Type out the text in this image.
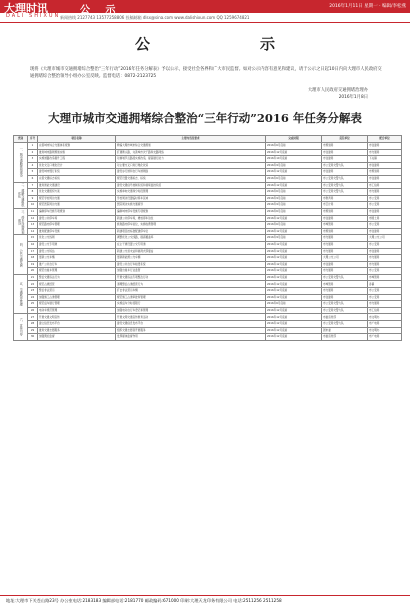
大理时讯
DALI SHIXUN 公 示	2016年1月11日 星期一 · 编辑/李松燕
新闻热线 2127743 13577258806 投稿邮箱 dlsx@sina.com www.dalishixun.com QQ 1259674821
公示
现将《大理市城市交通拥堵综合整治“三年行动”2016年任务分解表》予以公示，接受社会各界和广大市民监督。如对公示内容有意见和建议，请于公示之日起10日内向大理市人民政府交通拥堵综合整治领导小组办公室反映。监督电话：0872-2123725
大理市人民政府交通拥堵治理办
2016年1月8日
大理市城市交通拥堵综合整治“三年行动”2016 年任务分解表
类别	序号	项目名称	主要内容及要求	完成时限	责任单位	配合单位
一、城市道路规划建设	1	完善城市综合交通体系规划	修编大理市城市综合交通规划	2016年6月底前	市规划局	市住建局
	2	推进城市路网规划实施	打通断头路，完善城市次干路和支路网络	2016年12月底前	市住建局	市交通局
	3	实施道路改造提升工程	对拥堵节点路段实施改造，提高通行能力	2016年10月底前	市住建局	下关镇
	4	优化交叉口渠化设计	对主要交叉口进行渠化改造	2016年9月底前	市公安局交警大队	市住建局
	5	建设城市慢行系统	建设步行道和自行车道网络	2016年12月底前	市住建局	市规划局
	6	完善交通标志标线	规范设置交通标志、标线	2016年6月底前	市公安局交警大队	市住建局
二、道路交通组织优化	7	推进智能交通建设	建设交通信号控制系统和视频监控系统	2016年12月底前	市公安局交警大队	市工信局
	8	优化交通组织方案	实施单向交通和分时段管理	2016年6月底前	市公安局交警大队	市交通局
	9	规范学校周边交通	学校周边设置临时停车区域	2016年9月底前	市教育局	市公安局
	10	规范医院周边交通	医院周边实施交通疏导	2016年9月底前	市卫计局	市公安局
三、停车设施规划建设	11	编制停车设施专项规划	编制城市停车设施专项规划	2016年6月底前	市规划局	市住建局
	12	建设公共停车场	新建公共停车场，增加停车泊位	2016年12月底前	市住建局	市国土局
	13	规范路内停车管理	施划路内停车泊位，实施收费管理	2016年6月底前	市城管局	市公安局
	14	推进配建停车设施	新建项目按标准配建停车位	2016年12月底前	市规划局	市住建局
四、公共交通发展	15	优化公交线网	调整优化公交线路，提高覆盖率	2016年9月底前	市交通局	大理公交公司
	16	建设公交专用道	在主干道设置公交专用道	2016年12月底前	市交通局	市公安局
	17	建设公交场站	新建公交首末站和港湾式停靠站	2016年12月底前	市交通局	市住建局
	18	更新公交车辆	更新新能源公交车辆	2016年12月底前	大理公交公司	市交通局
	19	推广公共自行车	建设公共自行车租赁系统	2016年12月底前	市住建局	市交通局
	20	规范出租车管理	加强出租车行业监管	2016年12月底前	市交通局	市公安局
五、交通秩序管理	21	整治交通违法行为	开展交通违法专项整治行动	2016年12月底前	市公安局交警大队	市城管局
	22	规范占道经营	清理整治占道经营行为	2016年12月底前	市城管局	各镇
	23	整治非法营运	打击非法营运车辆	2016年12月底前	市交通局	市公安局
	24	加强施工占道管理	规范施工占道审批和管理	2016年12月底前	市住建局	市公安局
	25	规范货车通行管理	实施货车分时段限行	2016年6月底前	市公安局交警大队	市交通局
	26	电动车规范管理	加强电动自行车登记和管理	2016年12月底前	市公安局交警大队	市工信局
六、宣传引导	27	开展交通文明宣传	开展文明交通宣传教育活动	2016年12月底前	市委宣传部	市文明办
	28	建立信息发布平台	建设交通信息发布平台	2016年12月底前	市公安局交警大队	市广电局
	29	推进交通志愿服务	组织交通志愿者开展服务	2016年12月底前	团市委	市文明办
	30	加强舆论监督	发挥媒体监督作用	2016年12月底前	市委宣传部	市广电局
地址:大理市下关苍山路23号 办公室电话:2183183 编辑部电话:2181770 邮政编码:671000 印刷:大理天龙印务有限公司 电话:2511256 2511258
